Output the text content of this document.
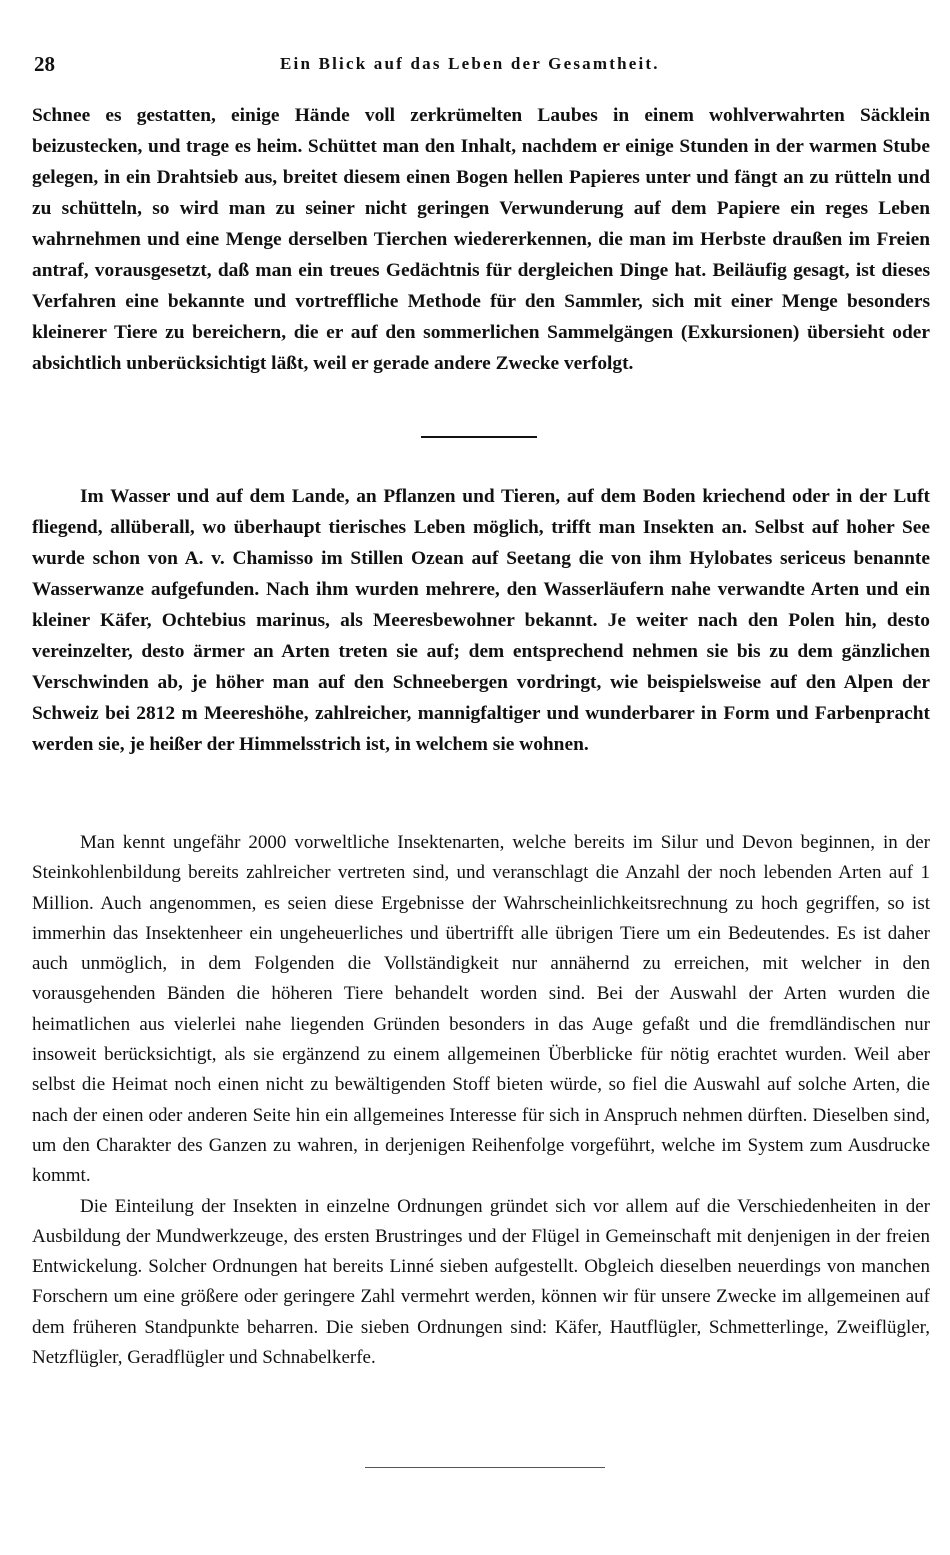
28	Ein Blick auf das Leben der Gesamtheit.

Schnee es gestatten, einige Hände voll zerkrümelten Laubes in einem wohlverwahrten Säcklein beizustecken, und trage es heim. Schüttet man den Inhalt, nachdem er einige Stunden in der warmen Stube gelegen, in ein Drahtsieb aus, breitet diesem einen Bogen hellen Papieres unter und fängt an zu rütteln und zu schütteln, so wird man zu seiner nicht geringen Verwunderung auf dem Papiere ein reges Leben wahrnehmen und eine Menge derselben Tierchen wiedererkennen, die man im Herbste draußen im Freien antraf, vorausgesetzt, daß man ein treues Gedächtnis für dergleichen Dinge hat. Beiläufig gesagt, ist dieses Verfahren eine bekannte und vortreffliche Methode für den Sammler, sich mit einer Menge besonders kleinerer Tiere zu bereichern, die er auf den sommerlichen Sammelgängen (Exkursionen) übersieht oder absichtlich unberücksichtigt läßt, weil er gerade andere Zwecke verfolgt.

Im Wasser und auf dem Lande, an Pflanzen und Tieren, auf dem Boden kriechend oder in der Luft fliegend, allüberall, wo überhaupt tierisches Leben möglich, trifft man Insekten an. Selbst auf hoher See wurde schon von A. v. Chamisso im Stillen Ozean auf Seetang die von ihm Hylobates sericeus benannte Wasserwanze aufgefunden. Nach ihm wurden mehrere, den Wasserläufern nahe verwandte Arten und ein kleiner Käfer, Ochtebius marinus, als Meeresbewohner bekannt. Je weiter nach den Polen hin, desto vereinzelter, desto ärmer an Arten treten sie auf; dem entsprechend nehmen sie bis zu dem gänzlichen Verschwinden ab, je höher man auf den Schneebergen vordringt, wie beispielsweise auf den Alpen der Schweiz bei 2812 m Meereshöhe, zahlreicher, mannigfaltiger und wunderbarer in Form und Farbenpracht werden sie, je heißer der Himmelsstrich ist, in welchem sie wohnen.

Man kennt ungefähr 2000 vorweltliche Insektenarten, welche bereits im Silur und Devon beginnen, in der Steinkohlenbildung bereits zahlreicher vertreten sind, und veranschlagt die Anzahl der noch lebenden Arten auf 1 Million. Auch angenommen, es seien diese Ergebnisse der Wahrscheinlichkeitsrechnung zu hoch gegriffen, so ist immerhin das Insektenheer ein ungeheuerliches und übertrifft alle übrigen Tiere um ein Bedeutendes. Es ist daher auch unmöglich, in dem Folgenden die Vollständigkeit nur annähernd zu erreichen, mit welcher in den vorausgehenden Bänden die höheren Tiere behandelt worden sind. Bei der Auswahl der Arten wurden die heimatlichen aus vielerlei nahe liegenden Gründen besonders in das Auge gefaßt und die fremdländischen nur insoweit berücksichtigt, als sie ergänzend zu einem allgemeinen Überblicke für nötig erachtet wurden. Weil aber selbst die Heimat noch einen nicht zu bewältigenden Stoff bieten würde, so fiel die Auswahl auf solche Arten, die nach der einen oder anderen Seite hin ein allgemeines Interesse für sich in Anspruch nehmen dürften. Dieselben sind, um den Charakter des Ganzen zu wahren, in derjenigen Reihenfolge vorgeführt, welche im System zum Ausdrucke kommt.

Die Einteilung der Insekten in einzelne Ordnungen gründet sich vor allem auf die Verschiedenheiten in der Ausbildung der Mundwerkzeuge, des ersten Brustringes und der Flügel in Gemeinschaft mit denjenigen in der freien Entwickelung. Solcher Ordnungen hat bereits Linné sieben aufgestellt. Obgleich dieselben neuerdings von manchen Forschern um eine größere oder geringere Zahl vermehrt werden, können wir für unsere Zwecke im allgemeinen auf dem früheren Standpunkte beharren. Die sieben Ordnungen sind: Käfer, Hautflügler, Schmetterlinge, Zweiflügler, Netzflügler, Geradflügler und Schnabelkerfe.
